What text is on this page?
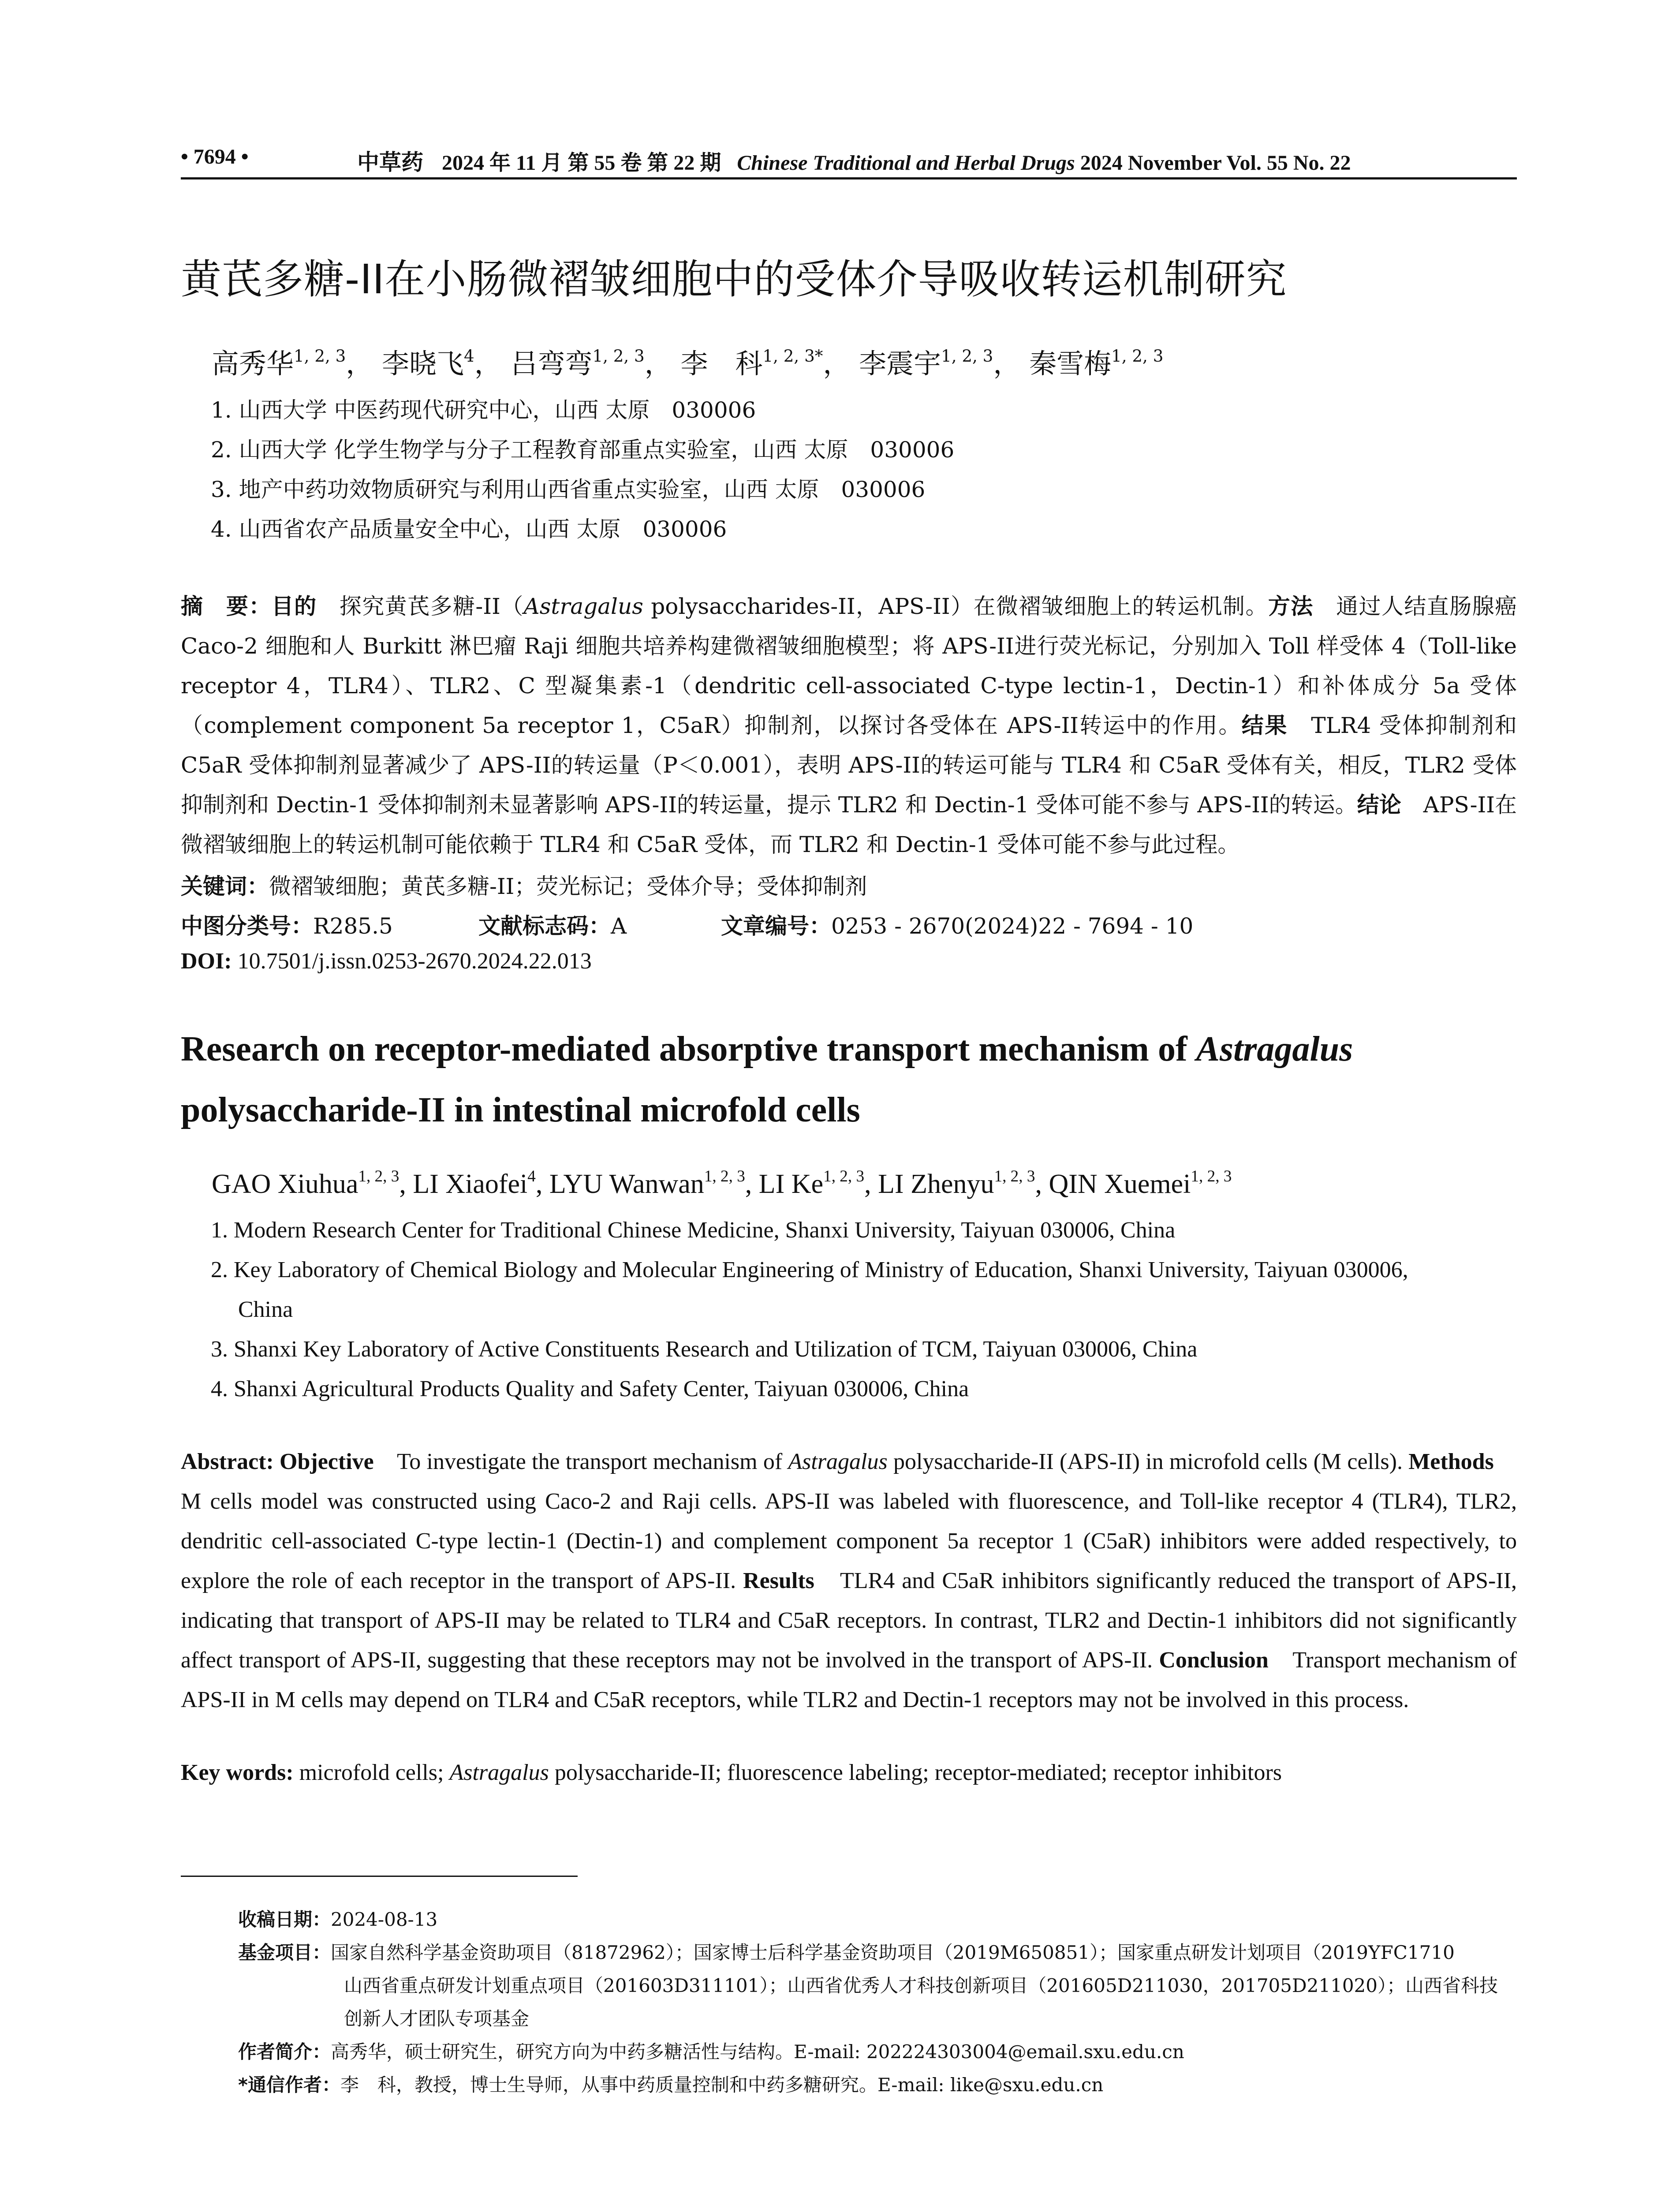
• 7694 •	中草药 2024 年 11 月 第 55 卷 第 22 期 Chinese Traditional and Herbal Drugs 2024 November Vol. 55 No. 22
黄芪多糖-II在小肠微褶皱细胞中的受体介导吸收转运机制研究
高秀华$^{1, 2, 3}$， 李晓飞$^4$， 吕弯弯$^{1, 2, 3}$， 李　科$^{1, 2, 3*}$， 李震宇$^{1, 2, 3}$， 秦雪梅$^{1, 2, 3}$
1. 山西大学 中医药现代研究中心，山西 太原　030006
2. 山西大学 化学生物学与分子工程教育部重点实验室，山西 太原　030006
3. 地产中药功效物质研究与利用山西省重点实验室，山西 太原　030006
4. 山西省农产品质量安全中心，山西 太原　030006

摘　要：目的　探究黄芪多糖-II（Astragalus polysaccharides-II，APS-II）在微褶皱细胞上的转运机制。方法　通过人结直肠腺癌 Caco-2 细胞和人 Burkitt 淋巴瘤 Raji 细胞共培养构建微褶皱细胞模型；将 APS-II进行荧光标记，分别加入 Toll 样受体 4（Toll-like receptor 4，TLR4）、TLR2、C 型凝集素-1（dendritic cell-associated C-type lectin-1，Dectin-1）和补体成分 5a 受体（complement component 5a receptor 1，C5aR）抑制剂，以探讨各受体在 APS-II转运中的作用。结果　TLR4 受体抑制剂和 C5aR 受体抑制剂显著减少了 APS-II的转运量（P＜0.001），表明 APS-II的转运可能与 TLR4 和 C5aR 受体有关，相反，TLR2 受体抑制剂和 Dectin-1 受体抑制剂未显著影响 APS-II的转运量，提示 TLR2 和 Dectin-1 受体可能不参与 APS-II的转运。结论　APS-II在微褶皱细胞上的转运机制可能依赖于 TLR4 和 C5aR 受体，而 TLR2 和 Dectin-1 受体可能不参与此过程。

关键词：微褶皱细胞；黄芪多糖-II；荧光标记；受体介导；受体抑制剂
中图分类号：R285.5	文献标志码：A	文章编号：0253 - 2670(2024)22 - 7694 - 10
DOI: 10.7501/j.issn.0253-2670.2024.22.013
Research on receptor-mediated absorptive transport mechanism of Astragalus polysaccharide-II in intestinal microfold cells
GAO Xiuhua$^{1, 2, 3}$, LI Xiaofei$^4$, LYU Wanwan$^{1, 2, 3}$, LI Ke$^{1, 2, 3}$, LI Zhenyu$^{1, 2, 3}$, QIN Xuemei$^{1, 2, 3}$
1. Modern Research Center for Traditional Chinese Medicine, Shanxi University, Taiyuan 030006, China
2. Key Laboratory of Chemical Biology and Molecular Engineering of Ministry of Education, Shanxi University, Taiyuan 030006,
China
3. Shanxi Key Laboratory of Active Constituents Research and Utilization of TCM, Taiyuan 030006, China
4. Shanxi Agricultural Products Quality and Safety Center, Taiyuan 030006, China
Abstract: Objective　To investigate the transport mechanism of Astragalus polysaccharide-II (APS-II) in microfold cells (M cells). Methods　M cells model was constructed using Caco-2 and Raji cells. APS-II was labeled with fluorescence, and Toll-like receptor 4 (TLR4), TLR2, dendritic cell-associated C-type lectin-1 (Dectin-1) and complement component 5a receptor 1 (C5aR) inhibitors were added respectively, to explore the role of each receptor in the transport of APS-II. Results　TLR4 and C5aR inhibitors significantly reduced the transport of APS-II, indicating that transport of APS-II may be related to TLR4 and C5aR receptors. In contrast, TLR2 and Dectin-1 inhibitors did not significantly affect transport of APS-II, suggesting that these receptors may not be involved in the transport of APS-II. Conclusion　Transport mechanism of APS-II in M cells may depend on TLR4 and C5aR receptors, while TLR2 and Dectin-1 receptors may not be involved in this process.
Key words: microfold cells; Astragalus polysaccharide-II; fluorescence labeling; receptor-mediated; receptor inhibitors
收稿日期：2024-08-13
基金项目：国家自然科学基金资助项目（81872962）；国家博士后科学基金资助项目（2019M650851）；国家重点研发计划项目（2019YFC1710
山西省重点研发计划重点项目（201603D311101）；山西省优秀人才科技创新项目（201605D211030，201705D211020）；山西省科技
创新人才团队专项基金
作者简介：高秀华，硕士研究生，研究方向为中药多糖活性与结构。E-mail: 202224303004@email.sxu.edu.cn
*通信作者：李　科，教授，博士生导师，从事中药质量控制和中药多糖研究。E-mail: like@sxu.edu.cn
